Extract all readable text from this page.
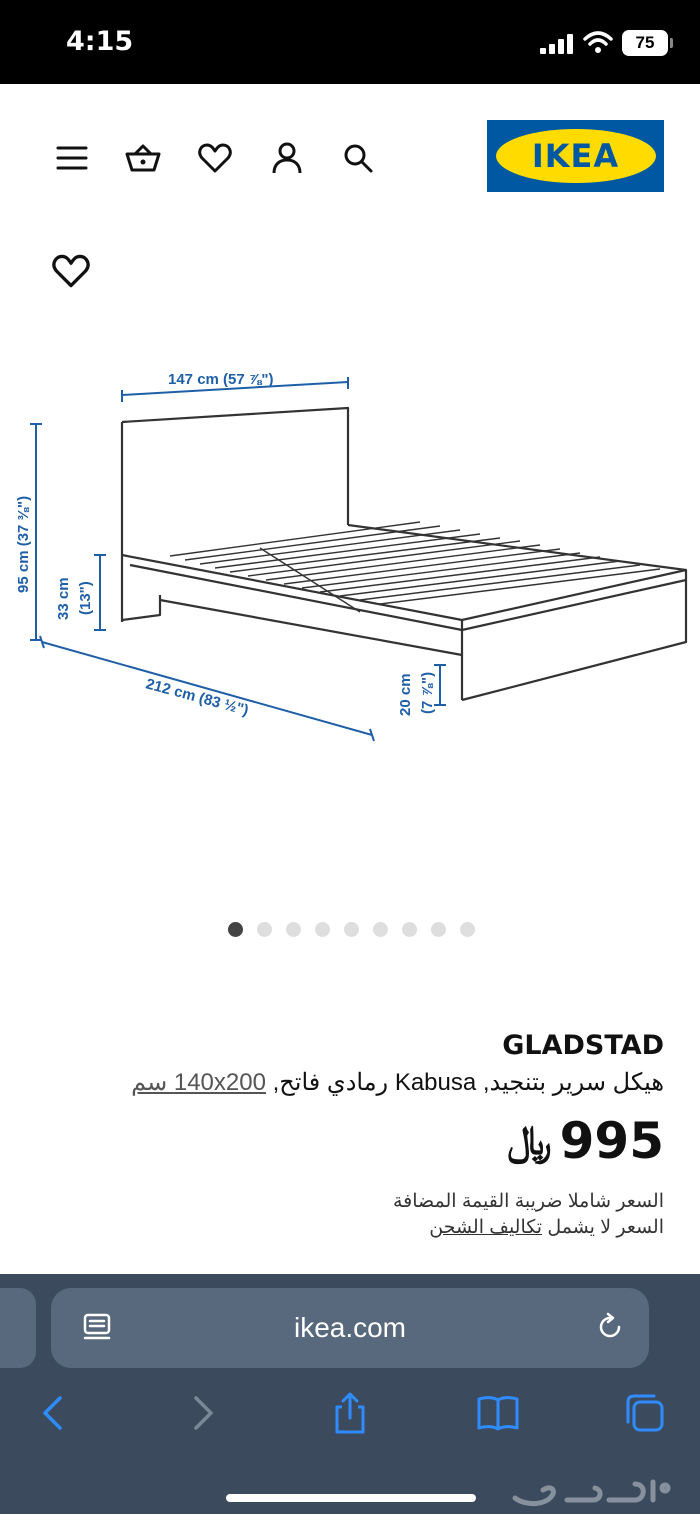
4:15	75
IKEA
147 cm (57 ⅞")
95 cm (37 ⅜")
33 cm (13")
212 cm (83 ½")	20 cm (7 ⅞")
GLADSTAD
هيكل سرير بتنجيد, Kabusa رمادي فاتح, 140x200 سم
﷼ 995
السعر شاملا ضريبة القيمة المضافة
السعر لا يشمل تكاليف الشحن
ikea.com
